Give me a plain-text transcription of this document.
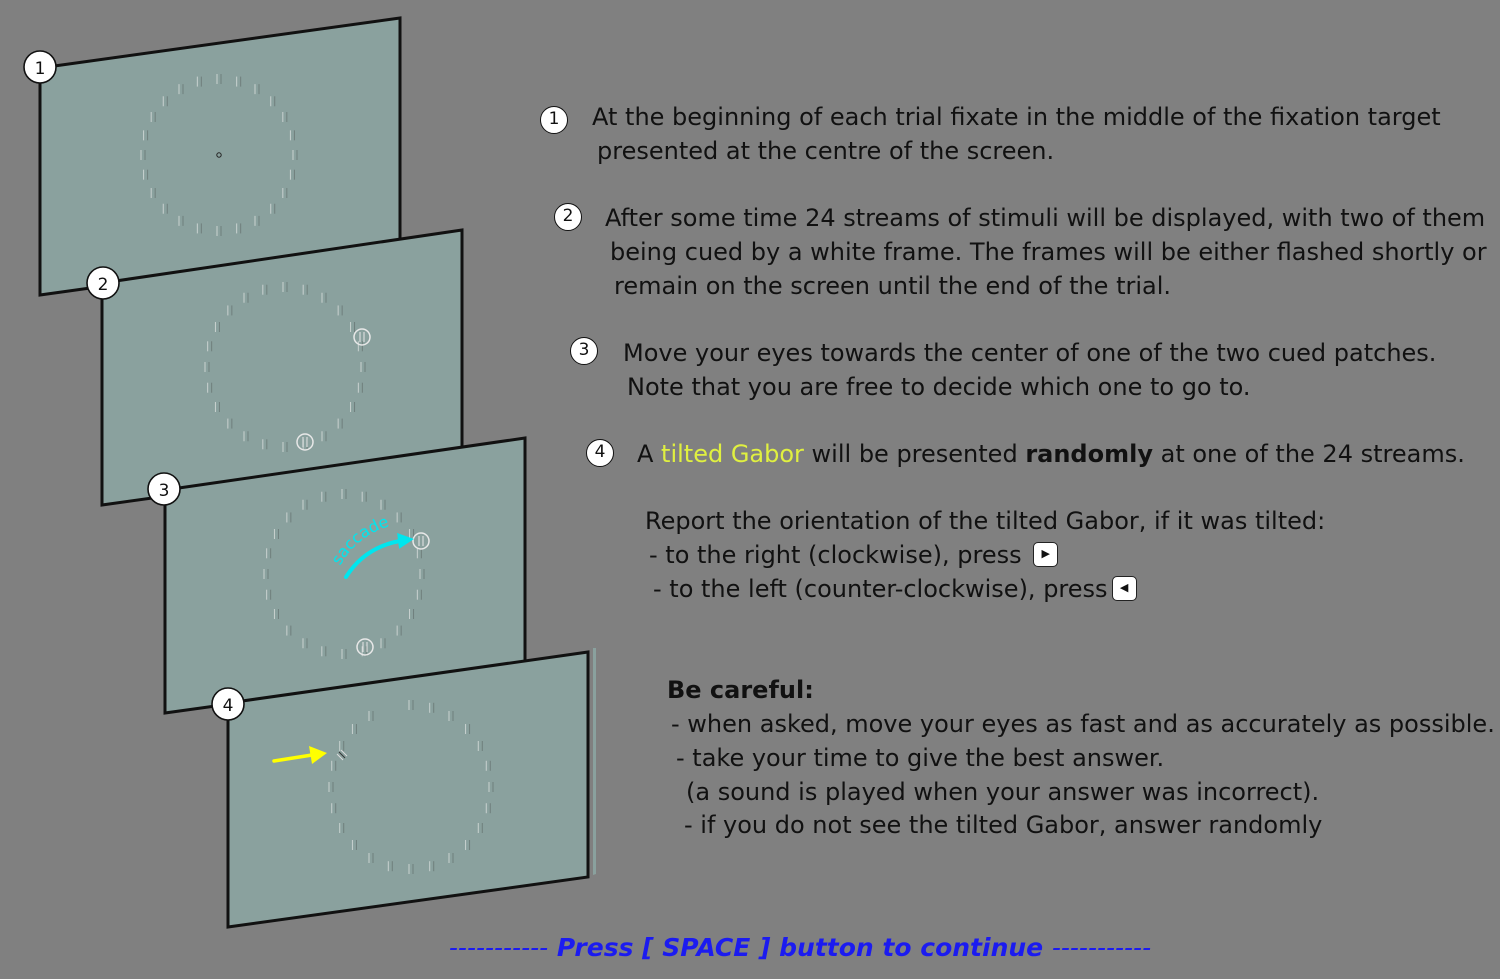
1
2
saccade
3
4
1	At the beginning of each trial fixate in the middle of the fixation target
presented at the centre of the screen.
2	After some time 24 streams of stimuli will be displayed, with two of them
being cued by a white frame. The frames will be either flashed shortly or
remain on the screen until the end of the trial.
3	Move your eyes towards the center of one of the two cued patches.
Note that you are free to decide which one to go to.
4	A tilted Gabor will be presented randomly at one of the 24 streams.
Report the orientation of the tilted Gabor, if it was tilted:
- to the right (clockwise), press	▶
- to the left (counter-clockwise), press	◀
Be careful:
- when asked, move your eyes as fast and as accurately as possible.
- take your time to give the best answer.
(a sound is played when your answer was incorrect).
- if you do not see the tilted Gabor, answer randomly
----------- Press [ SPACE ] button to continue -----------
